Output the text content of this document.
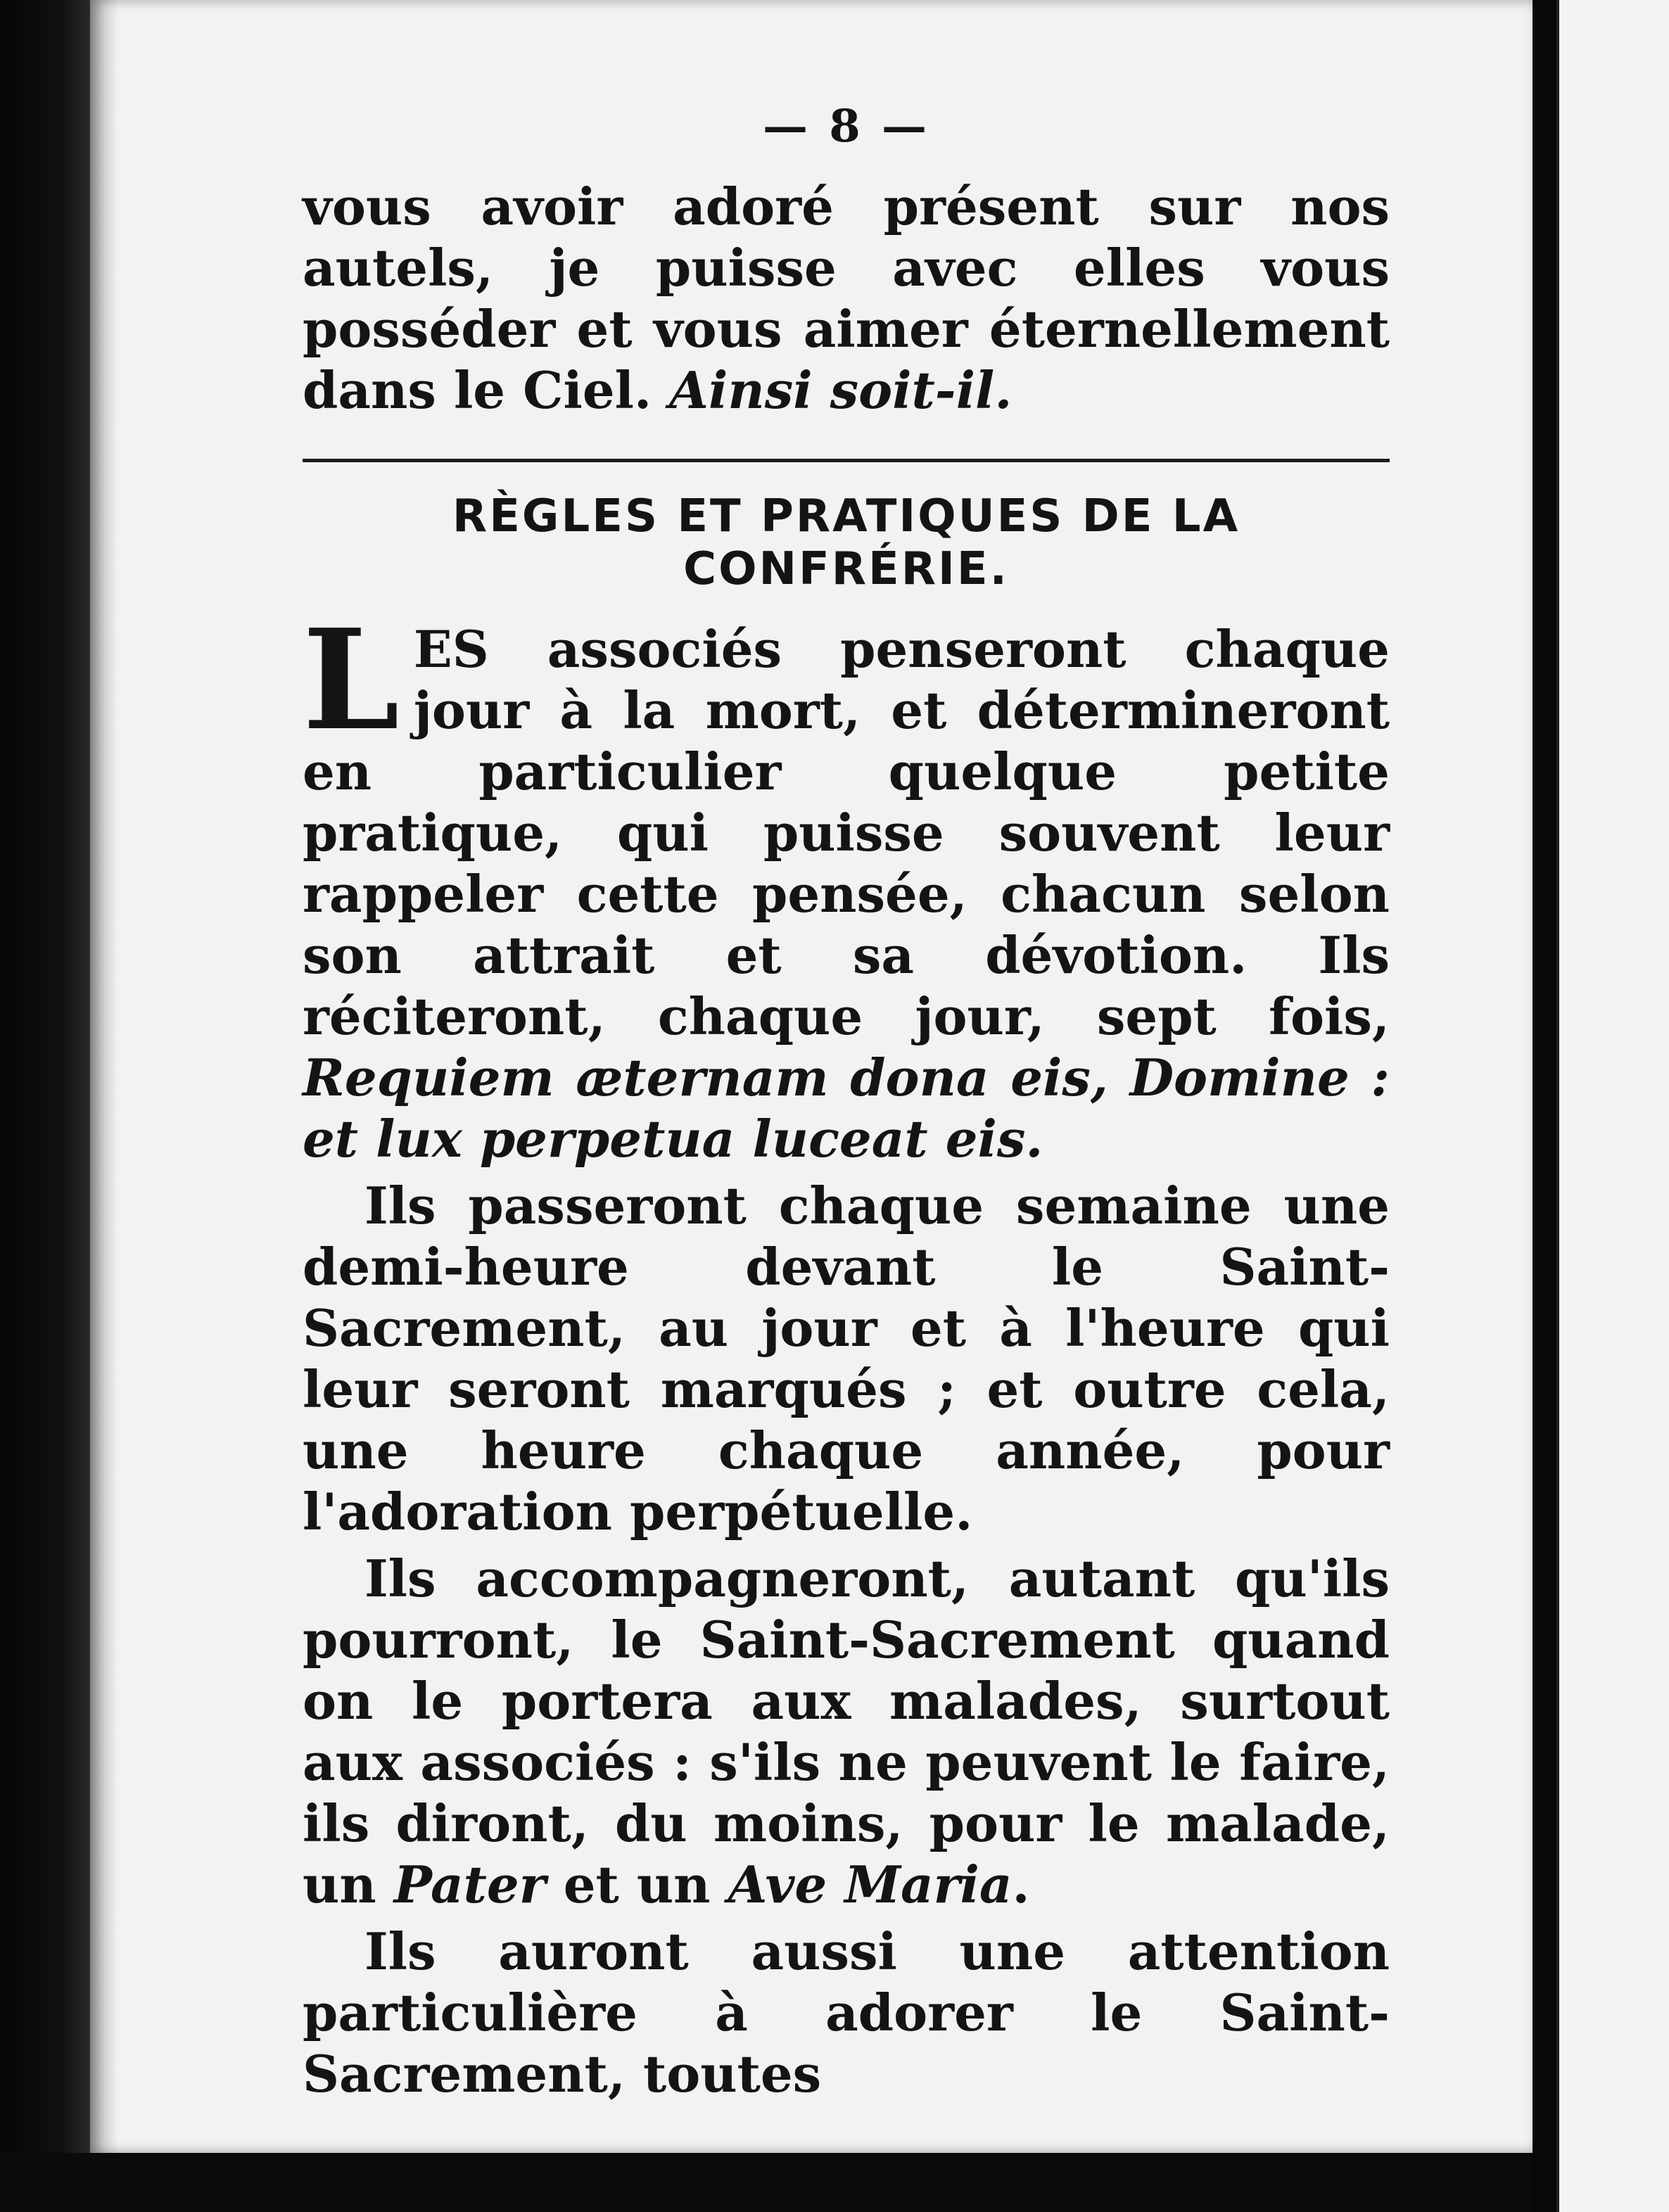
— 8 —

vous avoir adoré présent sur nos autels, je puisse avec elles vous posséder et vous aimer éternellement dans le Ciel. Ainsi soit-il.

RÈGLES ET PRATIQUES DE LA CONFRÉRIE.

LES associés penseront chaque jour à la mort, et détermineront en particulier quelque petite pratique, qui puisse souvent leur rappeler cette pensée, chacun selon son attrait et sa dévotion. Ils réciteront, chaque jour, sept fois, Requiem æternam dona eis, Domine : et lux perpetua luceat eis.

Ils passeront chaque semaine une demi-heure devant le Saint-Sacrement, au jour et à l'heure qui leur seront marqués ; et outre cela, une heure chaque année, pour l'adoration perpétuelle.

Ils accompagneront, autant qu'ils pourront, le Saint-Sacrement quand on le portera aux malades, surtout aux associés : s'ils ne peuvent le faire, ils diront, du moins, pour le malade, un Pater et un Ave Maria.

Ils auront aussi une attention particulière à adorer le Saint-Sacrement, toutes
